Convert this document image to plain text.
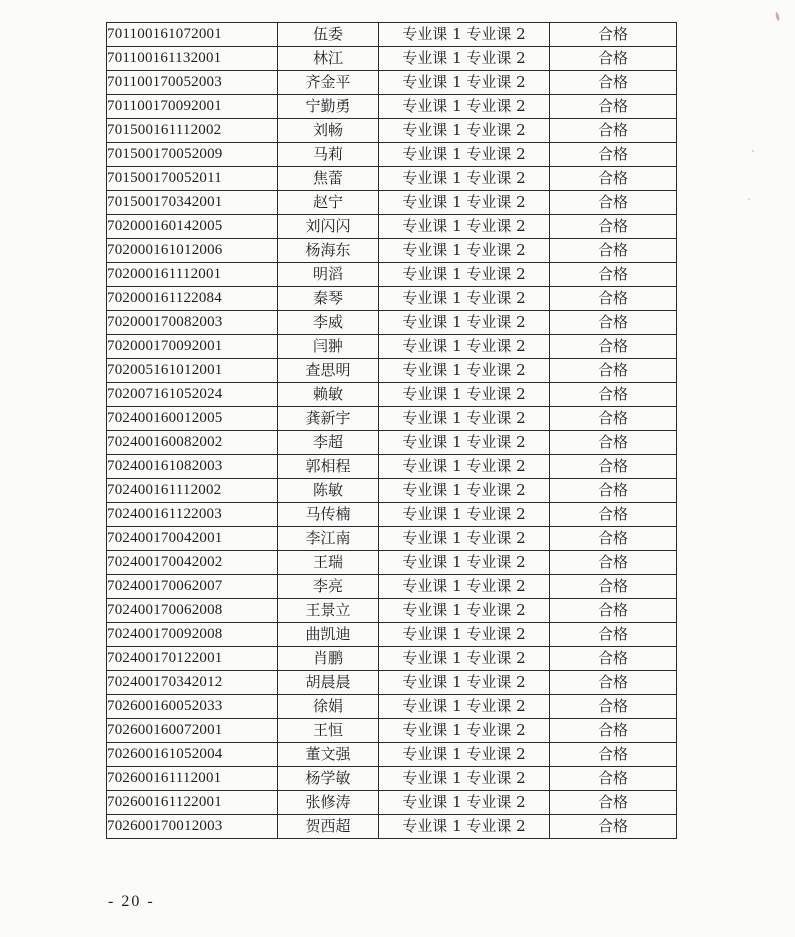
701100161072001	伍委	专业课 1 专业课 2	合格
701100161132001	林江	专业课 1 专业课 2	合格
701100170052003	齐金平	专业课 1 专业课 2	合格
701100170092001	宁勤勇	专业课 1 专业课 2	合格
701500161112002	刘畅	专业课 1 专业课 2	合格
701500170052009	马莉	专业课 1 专业课 2	合格
701500170052011	焦蕾	专业课 1 专业课 2	合格
701500170342001	赵宁	专业课 1 专业课 2	合格
702000160142005	刘闪闪	专业课 1 专业课 2	合格
702000161012006	杨海东	专业课 1 专业课 2	合格
702000161112001	明滔	专业课 1 专业课 2	合格
702000161122084	秦琴	专业课 1 专业课 2	合格
702000170082003	李威	专业课 1 专业课 2	合格
702000170092001	闫翀	专业课 1 专业课 2	合格
702005161012001	查思明	专业课 1 专业课 2	合格
702007161052024	赖敏	专业课 1 专业课 2	合格
702400160012005	龚新宇	专业课 1 专业课 2	合格
702400160082002	李超	专业课 1 专业课 2	合格
702400161082003	郭相程	专业课 1 专业课 2	合格
702400161112002	陈敏	专业课 1 专业课 2	合格
702400161122003	马传楠	专业课 1 专业课 2	合格
702400170042001	李江南	专业课 1 专业课 2	合格
702400170042002	王瑞	专业课 1 专业课 2	合格
702400170062007	李亮	专业课 1 专业课 2	合格
702400170062008	王景立	专业课 1 专业课 2	合格
702400170092008	曲凯迪	专业课 1 专业课 2	合格
702400170122001	肖鹏	专业课 1 专业课 2	合格
702400170342012	胡晨晨	专业课 1 专业课 2	合格
702600160052033	徐娟	专业课 1 专业课 2	合格
702600160072001	王恒	专业课 1 专业课 2	合格
702600161052004	董文强	专业课 1 专业课 2	合格
702600161112001	杨学敏	专业课 1 专业课 2	合格
702600161122001	张修涛	专业课 1 专业课 2	合格
702600170012003	贺西超	专业课 1 专业课 2	合格
- 20 -
